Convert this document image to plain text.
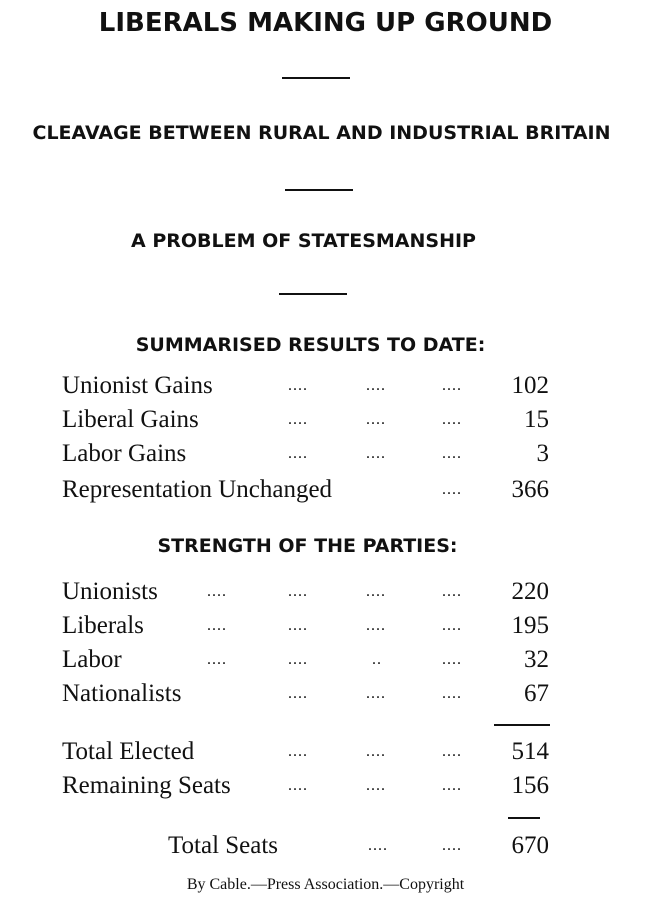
LIBERALS MAKING UP GROUND
CLEAVAGE BETWEEN RURAL AND INDUSTRIAL BRITAIN
A PROBLEM OF STATESMANSHIP
SUMMARISED RESULTS TO DATE:
Unionist Gains	....	....	.... 102
Liberal Gains	....	....	.... 15
Labor Gains	....	....	....	3
Representation Unchanged	.... 366
STRENGTH OF THE PARTIES:
Unionists	....	....	....	.... 220
Liberals	....	....	....	.... 195
Labor	....	....	..	.... 32
Nationalists	....	....	.... 67
Total Elected	....	....	.... 514
Remaining Seats	....	....	.... 156
Total Seats	....	.... 670
By Cable.—Press Association.—Copyright
